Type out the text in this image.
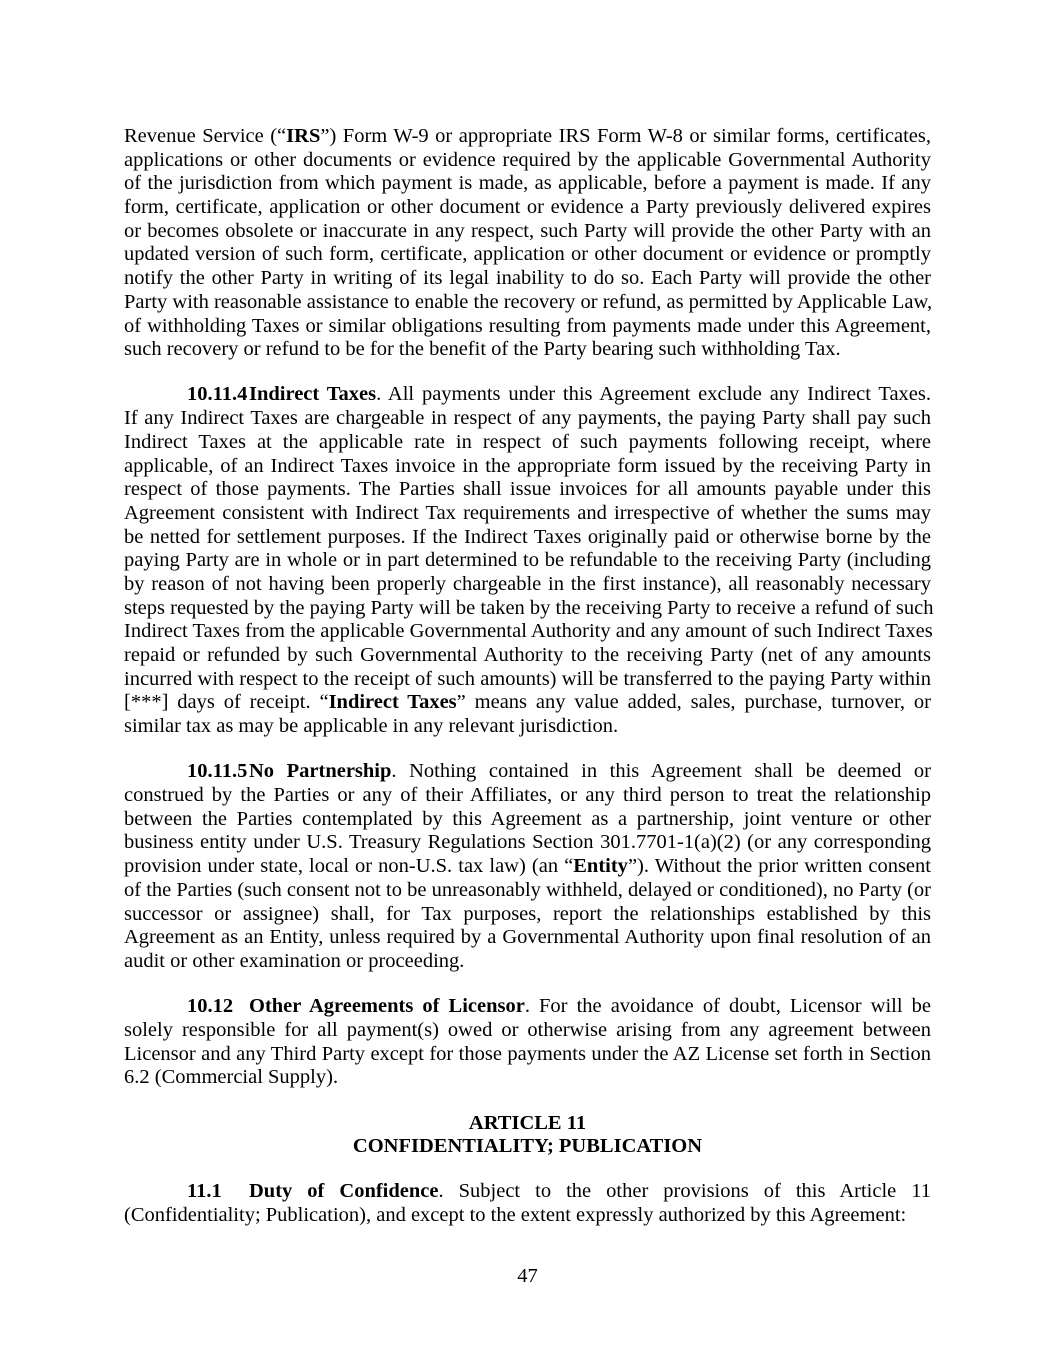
Revenue Service (“IRS”) Form W-9 or appropriate IRS Form W-8 or similar forms, certificates,
applications or other documents or evidence required by the applicable Governmental Authority
of the jurisdiction from which payment is made, as applicable, before a payment is made. If any
form, certificate, application or other document or evidence a Party previously delivered expires
or becomes obsolete or inaccurate in any respect, such Party will provide the other Party with an
updated version of such form, certificate, application or other document or evidence or promptly
notify the other Party in writing of its legal inability to do so. Each Party will provide the other
Party with reasonable assistance to enable the recovery or refund, as permitted by Applicable Law,
of withholding Taxes or similar obligations resulting from payments made under this Agreement,
such recovery or refund to be for the benefit of the Party bearing such withholding Tax.
10.11.4Indirect Taxes. All payments under this Agreement exclude any Indirect Taxes.
If any Indirect Taxes are chargeable in respect of any payments, the paying Party shall pay such
Indirect Taxes at the applicable rate in respect of such payments following receipt, where
applicable, of an Indirect Taxes invoice in the appropriate form issued by the receiving Party in
respect of those payments. The Parties shall issue invoices for all amounts payable under this
Agreement consistent with Indirect Tax requirements and irrespective of whether the sums may
be netted for settlement purposes. If the Indirect Taxes originally paid or otherwise borne by the
paying Party are in whole or in part determined to be refundable to the receiving Party (including
by reason of not having been properly chargeable in the first instance), all reasonably necessary
steps requested by the paying Party will be taken by the receiving Party to receive a refund of such
Indirect Taxes from the applicable Governmental Authority and any amount of such Indirect Taxes
repaid or refunded by such Governmental Authority to the receiving Party (net of any amounts
incurred with respect to the receipt of such amounts) will be transferred to the paying Party within
[***] days of receipt. “Indirect Taxes” means any value added, sales, purchase, turnover, or
similar tax as may be applicable in any relevant jurisdiction.
10.11.5No Partnership. Nothing contained in this Agreement shall be deemed or
construed by the Parties or any of their Affiliates, or any third person to treat the relationship
between the Parties contemplated by this Agreement as a partnership, joint venture or other
business entity under U.S. Treasury Regulations Section 301.7701-1(a)(2) (or any corresponding
provision under state, local or non-U.S. tax law) (an “Entity”). Without the prior written consent
of the Parties (such consent not to be unreasonably withheld, delayed or conditioned), no Party (or
successor or assignee) shall, for Tax purposes, report the relationships established by this
Agreement as an Entity, unless required by a Governmental Authority upon final resolution of an
audit or other examination or proceeding.
10.12 Other Agreements of Licensor. For the avoidance of doubt, Licensor will be
solely responsible for all payment(s) owed or otherwise arising from any agreement between
Licensor and any Third Party except for those payments under the AZ License set forth in Section
6.2 (Commercial Supply).
ARTICLE 11
CONFIDENTIALITY; PUBLICATION
11.1 Duty of Confidence. Subject to the other provisions of this Article 11
(Confidentiality; Publication), and except to the extent expressly authorized by this Agreement:
47
